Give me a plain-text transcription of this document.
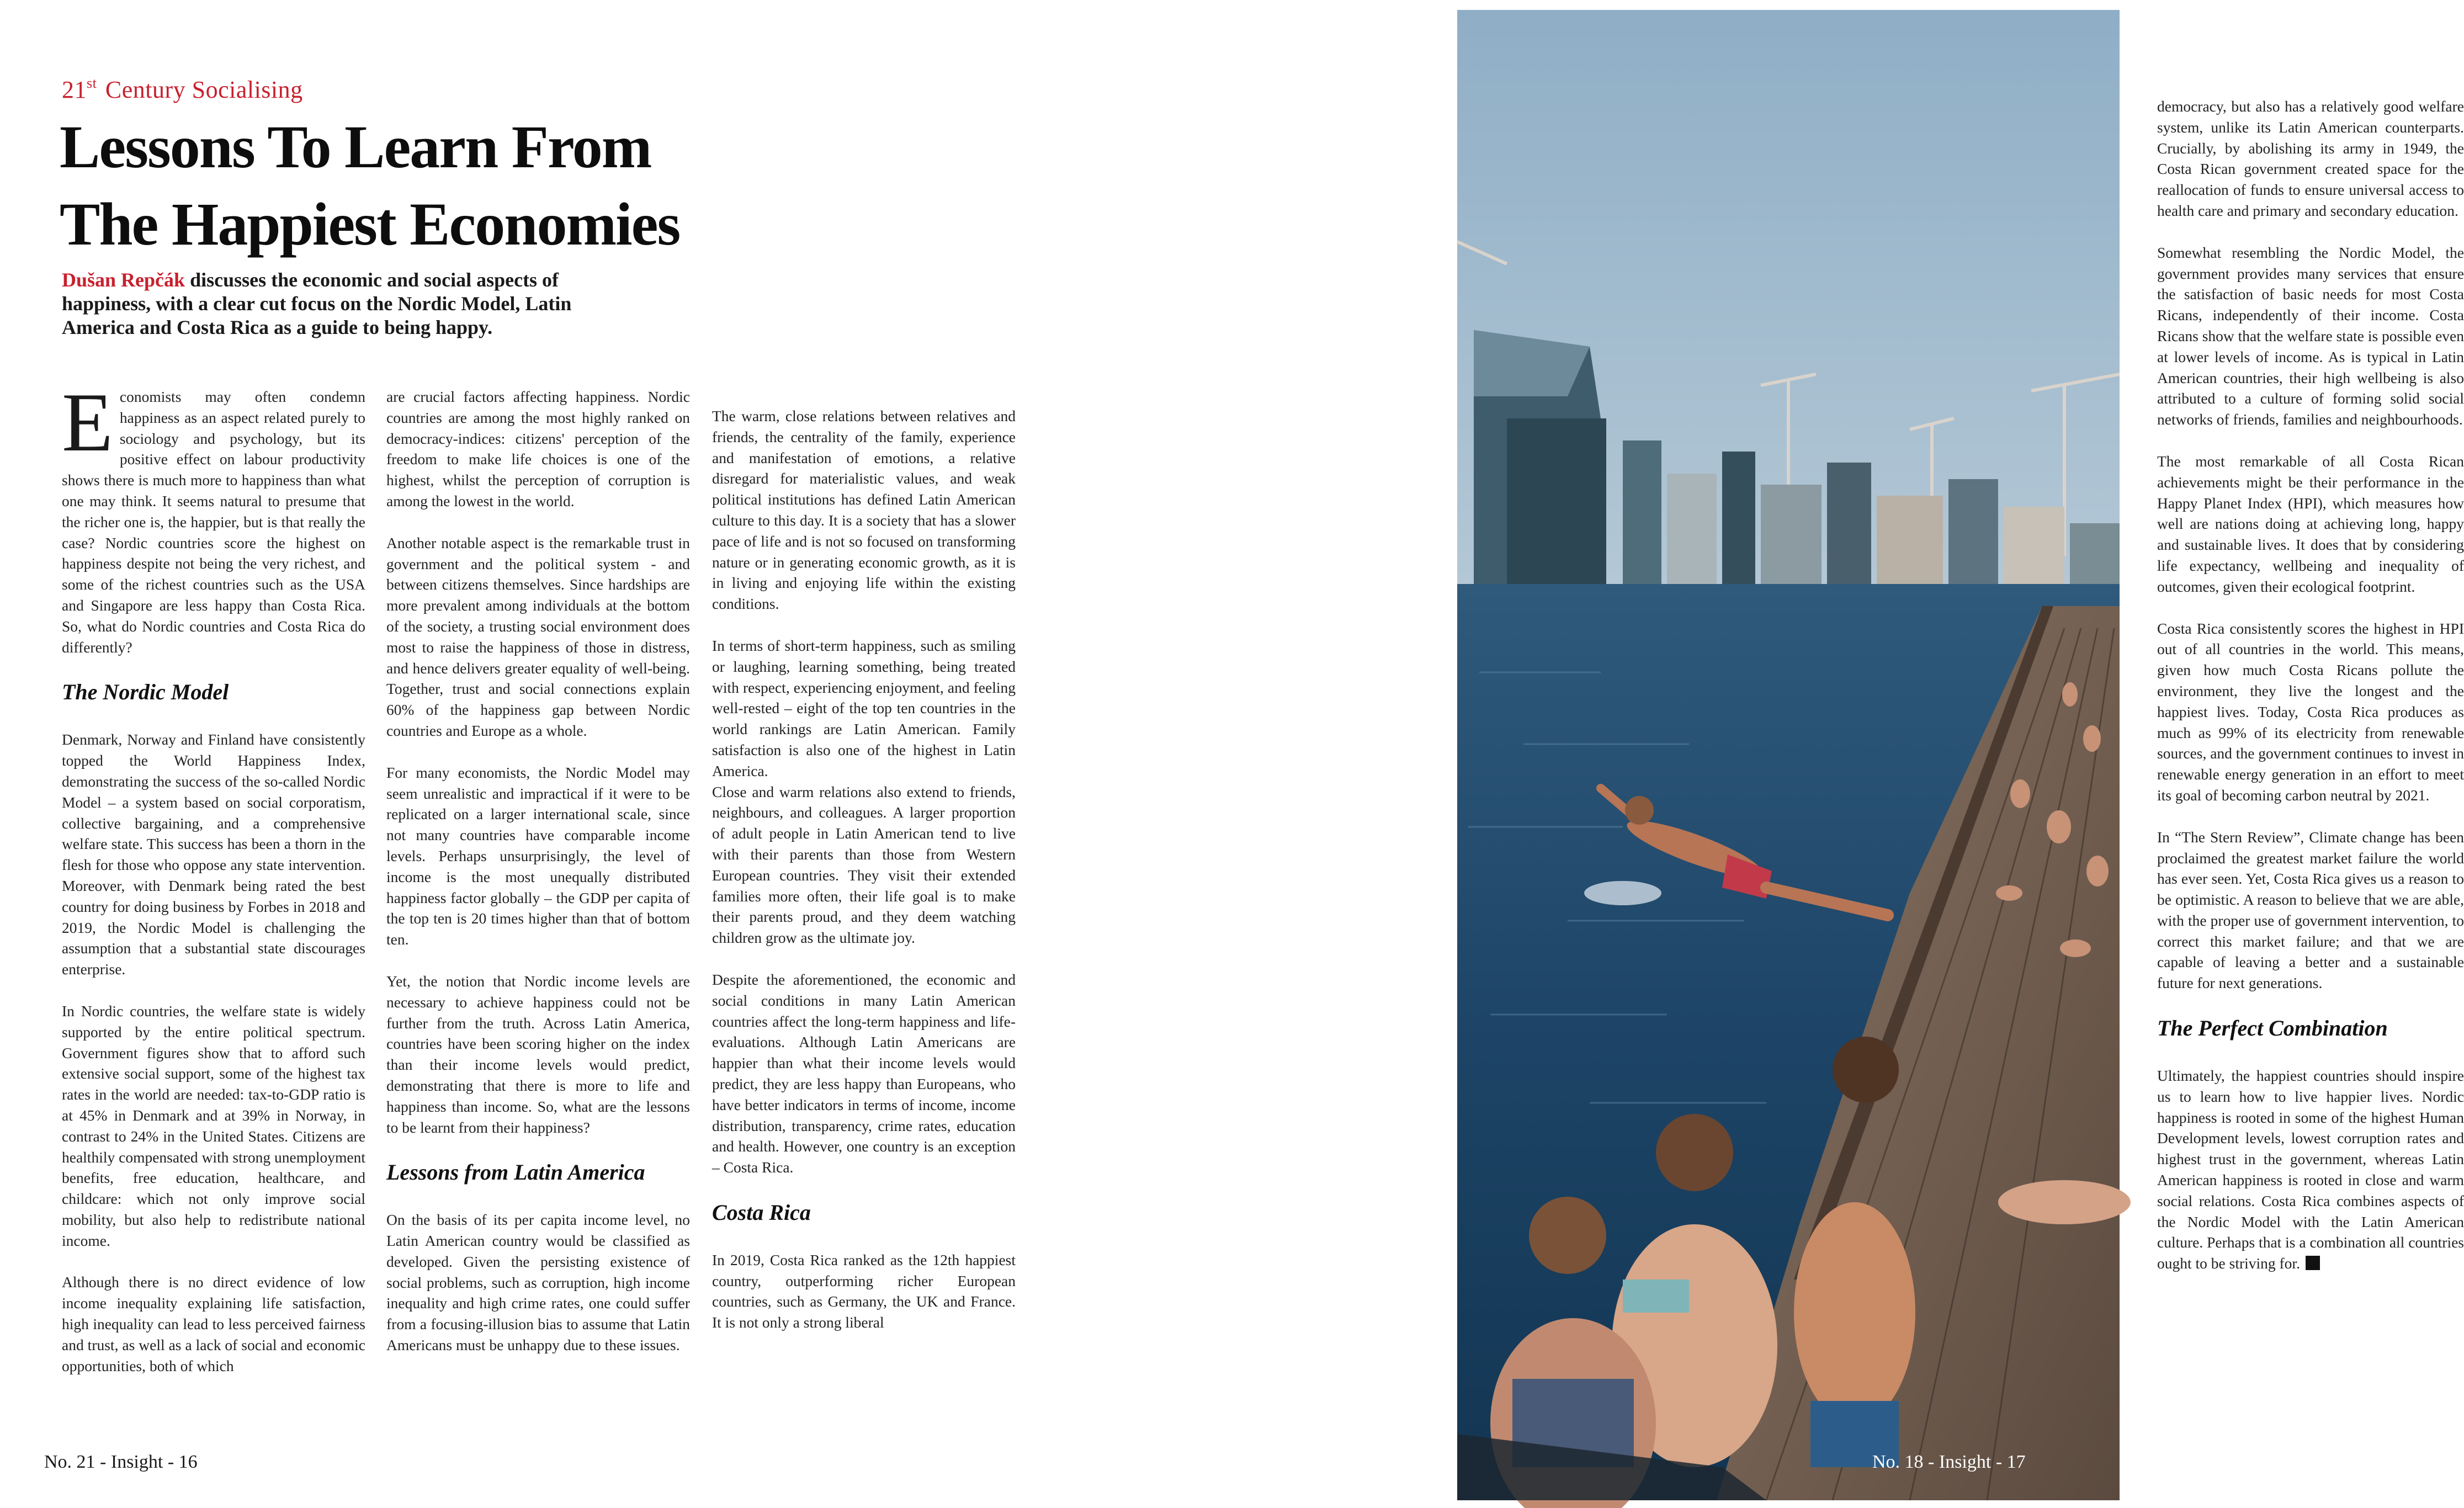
21st Century Socialising
Lessons To Learn From
The Happiest Economies
Dušan Repčák discusses the economic and social aspects of happiness, with a clear cut focus on the Nordic Model, Latin America and Costa Rica as a guide to being happy.

Economists may often condemn happiness as an aspect related purely to sociology and psychology, but its positive effect on labour productivity shows there is much more to happiness than what one may think. It seems natural to presume that the richer one is, the happier, but is that really the case? Nordic countries score the highest on happiness despite not being the very richest, and some of the richest countries such as the USA and Singapore are less happy than Costa Rica. So, what do Nordic countries and Costa Rica do differently?

The Nordic Model

Denmark, Norway and Finland have consistently topped the World Happiness Index, demonstrating the success of the so-called Nordic Model – a system based on social corporatism, collective bargaining, and a comprehensive welfare state. This success has been a thorn in the flesh for those who oppose any state intervention. Moreover, with Denmark being rated the best country for doing business by Forbes in 2018 and 2019, the Nordic Model is challenging the assumption that a substantial state discourages enterprise.

In Nordic countries, the welfare state is widely supported by the entire political spectrum. Government figures show that to afford such extensive social support, some of the highest tax rates in the world are needed: tax-to-GDP ratio is at 45% in Denmark and at 39% in Norway, in contrast to 24% in the United States. Citizens are healthily compensated with strong unemployment benefits, free education, healthcare, and childcare: which not only improve social mobility, but also help to redistribute national income.

Although there is no direct evidence of low income inequality explaining life satisfaction, high inequality can lead to less perceived fairness and trust, as well as a lack of social and economic opportunities, both of which

are crucial factors affecting happiness. Nordic countries are among the most highly ranked on democracy-indices: citizens' perception of the freedom to make life choices is one of the highest, whilst the perception of corruption is among the lowest in the world.

Another notable aspect is the remarkable trust in government and the political system - and between citizens themselves. Since hardships are more prevalent among individuals at the bottom of the society, a trusting social environment does most to raise the happiness of those in distress, and hence delivers greater equality of well-being. Together, trust and social connections explain 60% of the happiness gap between Nordic countries and Europe as a whole.

For many economists, the Nordic Model may seem unrealistic and impractical if it were to be replicated on a larger international scale, since not many countries have comparable income levels. Perhaps unsurprisingly, the level of income is the most unequally distributed happiness factor globally – the GDP per capita of the top ten is 20 times higher than that of bottom ten.

Yet, the notion that Nordic income levels are necessary to achieve happiness could not be further from the truth. Across Latin America, countries have been scoring higher on the index than their income levels would predict, demonstrating that there is more to life and happiness than income. So, what are the lessons to be learnt from their happiness?

Lessons from Latin America

On the basis of its per capita income level, no Latin American country would be classified as developed. Given the persisting existence of social problems, such as corruption, high income inequality and high crime rates, one could suffer from a focusing-illusion bias to assume that Latin Americans must be unhappy due to these issues.

The warm, close relations between relatives and friends, the centrality of the family, experience and manifestation of emotions, a relative disregard for materialistic values, and weak political institutions has defined Latin American culture to this day. It is a society that has a slower pace of life and is not so focused on transforming nature or in generating economic growth, as it is in living and enjoying life within the existing conditions.

In terms of short-term happiness, such as smiling or laughing, learning something, being treated with respect, experiencing enjoyment, and feeling well-rested – eight of the top ten countries in the world rankings are Latin American. Family satisfaction is also one of the highest in Latin America.

Close and warm relations also extend to friends, neighbours, and colleagues. A larger proportion of adult people in Latin American tend to live with their parents than those from Western European countries. They visit their extended families more often, their life goal is to make their parents proud, and they deem watching children grow as the ultimate joy.

Despite the aforementioned, the economic and social conditions in many Latin American countries affect the long-term happiness and life-evaluations. Although Latin Americans are happier than what their income levels would predict, they are less happy than Europeans, who have better indicators in terms of income, income distribution, transparency, crime rates, education and health. However, one country is an exception – Costa Rica.

Costa Rica

In 2019, Costa Rica ranked as the 12th happiest country, outperforming richer European countries, such as Germany, the UK and France. It is not only a strong liberal

No. 21 - Insight - 16

democracy, but also has a relatively good welfare system, unlike its Latin American counterparts. Crucially, by abolishing its army in 1949, the Costa Rican government created space for the reallocation of funds to ensure universal access to health care and primary and secondary education.

Somewhat resembling the Nordic Model, the government provides many services that ensure the satisfaction of basic needs for most Costa Ricans, independently of their income. Costa Ricans show that the welfare state is possible even at lower levels of income. As is typical in Latin American countries, their high wellbeing is also attributed to a culture of forming solid social networks of friends, families and neighbourhoods.

The most remarkable of all Costa Rican achievements might be their performance in the Happy Planet Index (HPI), which measures how well are nations doing at achieving long, happy and sustainable lives. It does that by considering life expectancy, wellbeing and inequality of outcomes, given their ecological footprint.

Costa Rica consistently scores the highest in HPI out of all countries in the world. This means, given how much Costa Ricans pollute the environment, they live the longest and the happiest lives. Today, Costa Rica produces as much as 99% of its electricity from renewable sources, and the government continues to invest in renewable energy generation in an effort to meet its goal of becoming carbon neutral by 2021.

In “The Stern Review”, Climate change has been proclaimed the greatest market failure the world has ever seen. Yet, Costa Rica gives us a reason to be optimistic. A reason to believe that we are able, with the proper use of government intervention, to correct this market failure; and that we are capable of leaving a better and a sustainable future for next generations.

The Perfect Combination

Ultimately, the happiest countries should inspire us to learn how to live happier lives. Nordic happiness is rooted in some of the highest Human Development levels, lowest corruption rates and highest trust in the government, whereas Latin American happiness is rooted in close and warm social relations. Costa Rica combines aspects of the Nordic Model with the Latin American culture. Perhaps that is a combination all countries ought to be striving for.

No. 18 - Insight - 17
